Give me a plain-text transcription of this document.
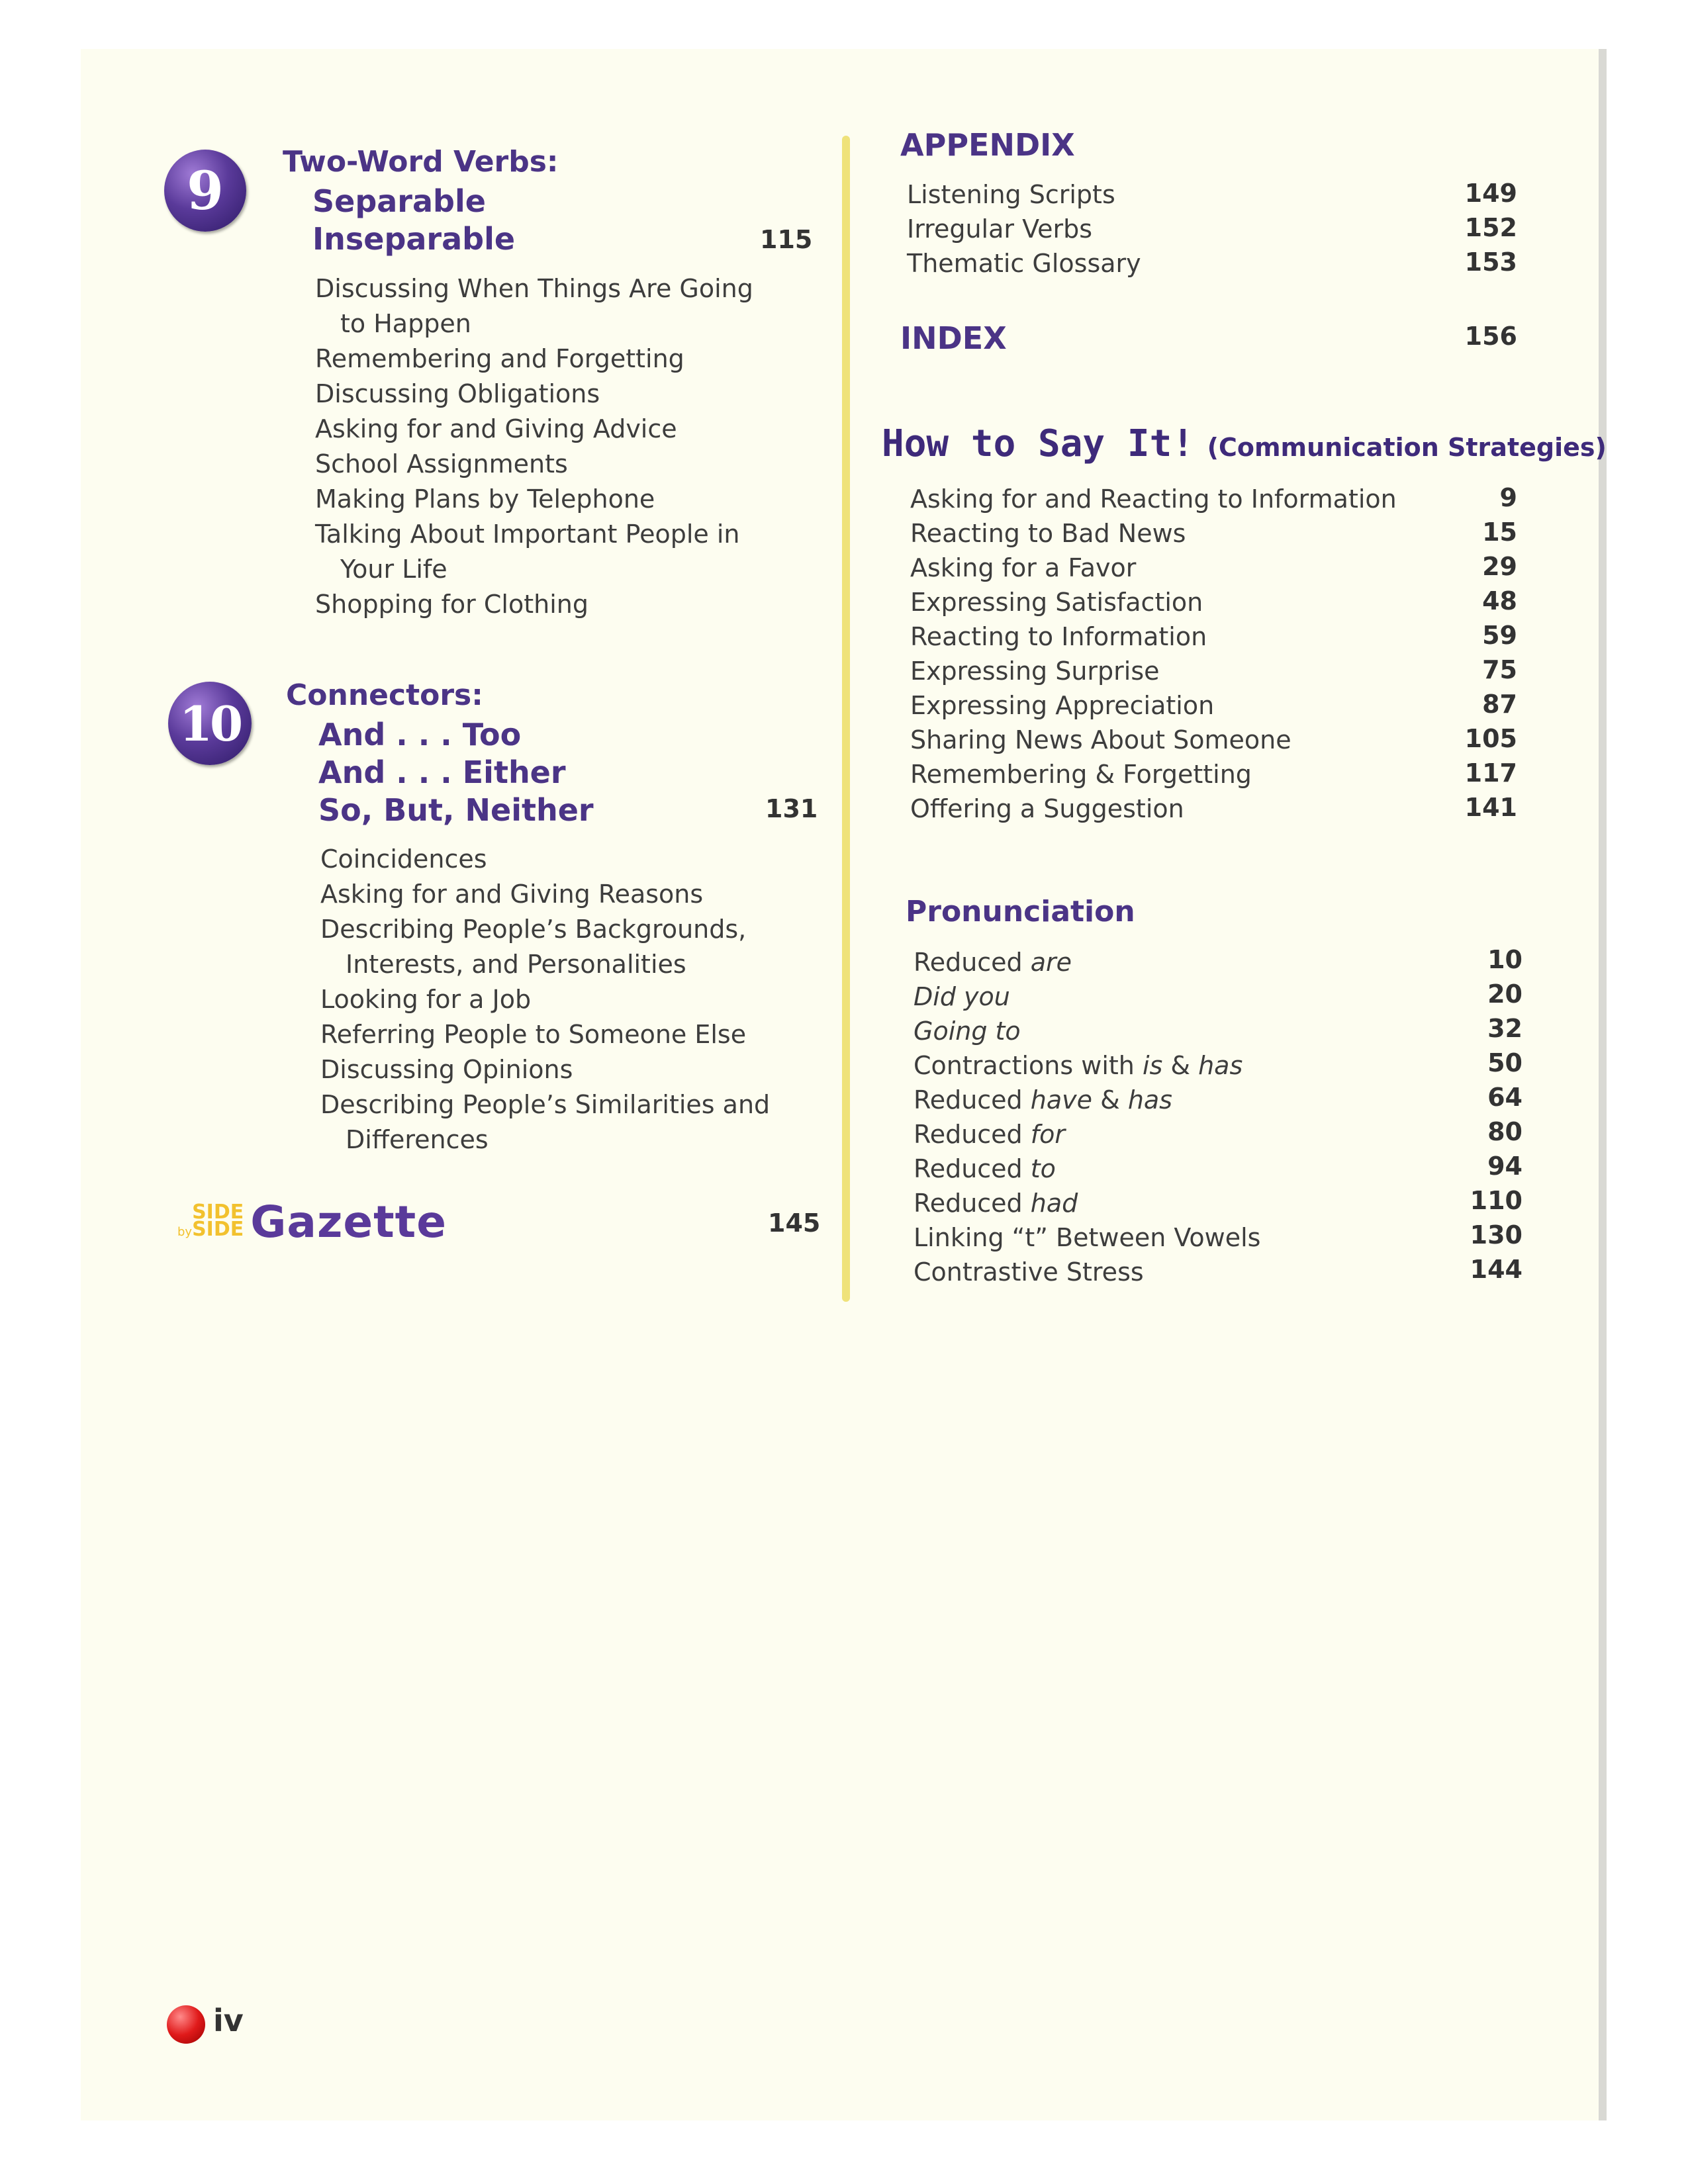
9	Two-Word Verbs:
Separable
Inseparable	115
Discussing When Things Are Going
to Happen
Remembering and Forgetting
Discussing Obligations
Asking for and Giving Advice
School Assignments
Making Plans by Telephone
Talking About Important People in
Your Life
Shopping for Clothing
10	Connectors:
And . . . Too
And . . . Either
So, But, Neither	131
Coincidences
Asking for and Giving Reasons
Describing People’s Backgrounds,
Interests, and Personalities
Looking for a Job
Referring People to Someone Else
Discussing Opinions
Describing People’s Similarities and
Differences
SIDE
bySIDE Gazette	145
APPENDIX
Listening Scripts	149
Irregular Verbs	152
Thematic Glossary	153
INDEX	156
How to Say It! (Communication Strategies)
Asking for and Reacting to Information	9
Reacting to Bad News	15
Asking for a Favor	29
Expressing Satisfaction	48
Reacting to Information	59
Expressing Surprise	75
Expressing Appreciation	87
Sharing News About Someone	105
Remembering & Forgetting	117
Offering a Suggestion	141
Pronunciation
Reduced are	10
Did you	20
Going to	32
Contractions with is & has	50
Reduced have & has	64
Reduced for	80
Reduced to	94
Reduced had	110
Linking “t” Between Vowels	130
Contrastive Stress	144
iv
